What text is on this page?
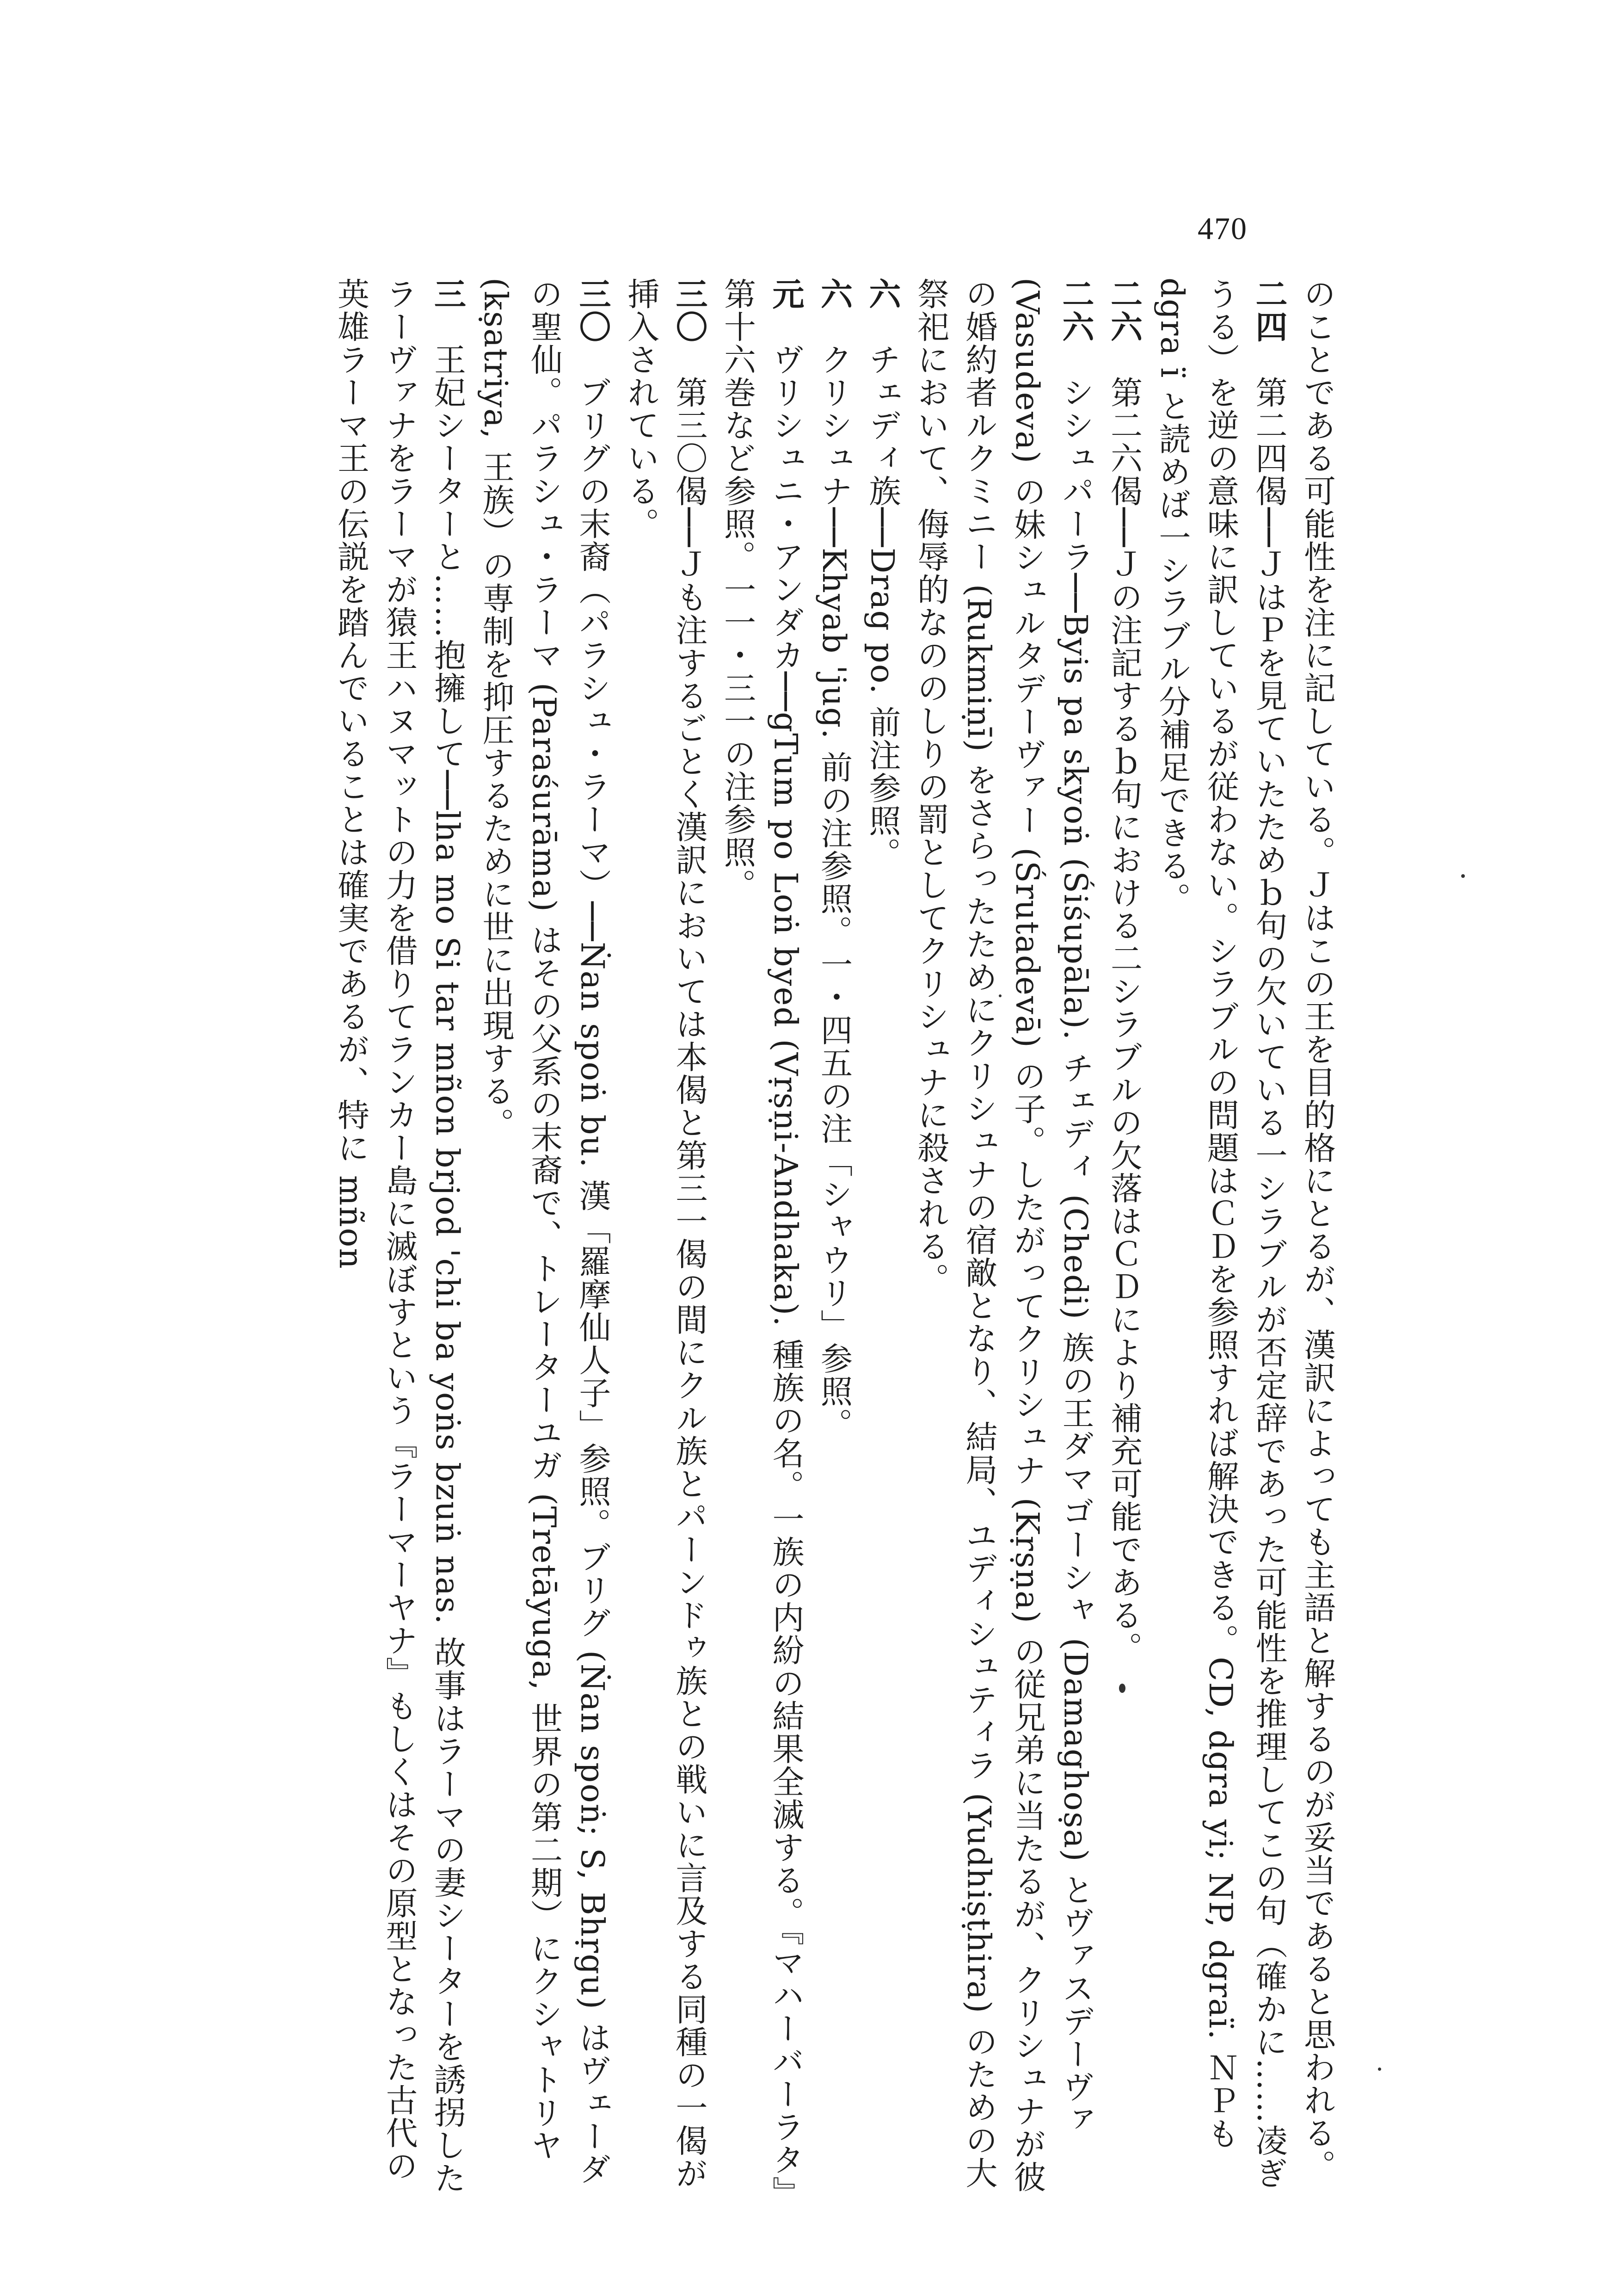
470
のことである可能性を注に記している。Ｊはこの王を目的格にとるが、漢訳によっても主語と解するのが妥当であると思われる。
二四　第二四偈──ＪはＰを見ていたためｂ句の欠いている一シラブルが否定辞であった可能性を推理してこの句（確かに……凌ぎうる）を逆の意味に訳しているが従わない。シラブルの問題はＣＤを参照すれば解決できる。CD, dgra yi; NP, dgraï. ＮＰも dgra ï と読めば一シラブル分補足できる。
二六　第二六偈──Ｊの注記するｂ句における二シラブルの欠落はＣＤにより補充可能である。
二六　シシュパーラ──Byis pa skyoṅ (Śiśupāla). チェディ (Chedi) 族の王ダマゴーシャ (Damaghoṣa) とヴァスデーヴァ (Vasudeva) の妹シュルタデーヴァー (Śrutadevā) の子。したがってクリシュナ (Kṛṣṇa) の従兄弟に当たるが、クリシュナが彼の婚約者ルクミニー (Rukmiṇī) をさらったためにクリシュナの宿敵となり、結局、ユディシュティラ (Yudhiṣṭhira) のための大祭祀において、侮辱的なののしりの罰としてクリシュナに殺される。
六　チェディ族──Drag po. 前注参照。
六　クリシュナ──Khyab 'jug. 前の注参照。一・四五の注「シャウリ」参照。
元　ヴリシュニ・アンダカ──gTum po Loṅ byed (Vṛṣṇi-Andhaka). 種族の名。一族の内紛の結果全滅する。『マハーバーラタ』第十六巻など参照。一一・三一の注参照。
三〇　第三〇偈──Ｊも注するごとく漢訳においては本偈と第三一偈の間にクル族とパーンドゥ族との戦いに言及する同種の一偈が挿入されている。
三〇　ブリグの末裔（パラシュ・ラーマ）──Ṅan spoṅ bu. 漢「羅摩仙人子」参照。ブリグ (Ṅan spoṅ; S, Bhṛgu) はヴェーダの聖仙。パラシュ・ラーマ (Paraśurāma) はその父系の末裔で、トレーターユガ (Tretāyuga, 世界の第二期）にクシャトリヤ (kṣatriya, 王族）の専制を抑圧するために世に出現する。
三　王妃シーターと……抱擁して──lha mo Si tar mñon brjod 'chi ba yoṅs bzuṅ nas. 故事はラーマの妻シーターを誘拐したラーヴァナをラーマが猿王ハヌマットの力を借りてランカー島に滅ぼすという『ラーマーヤナ』もしくはその原型となった古代の英雄ラーマ王の伝説を踏んでいることは確実であるが、特に mñon
